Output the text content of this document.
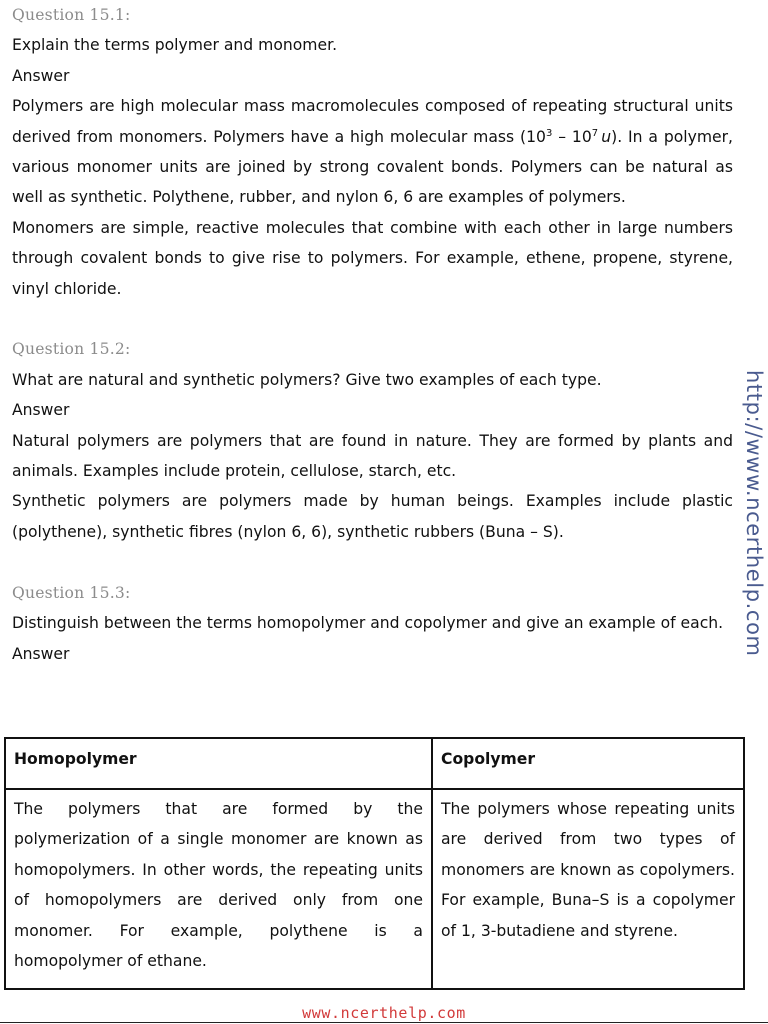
Question 15.1:

Explain the terms polymer and monomer.

Answer

Polymers are high molecular mass macromolecules composed of repeating structural units derived from monomers. Polymers have a high molecular mass ($10^3 - 10^7$  u). In a polymer, various monomer units are joined by strong covalent bonds. Polymers can be natural as well as synthetic. Polythene, rubber, and nylon 6, 6 are examples of polymers.

Monomers are simple, reactive molecules that combine with each other in large numbers through covalent bonds to give rise to polymers. For example, ethene, propene, styrene, vinyl chloride.

Question 15.2:

What are natural and synthetic polymers? Give two examples of each type.

Answer

Natural polymers are polymers that are found in nature. They are formed by plants and animals. Examples include protein, cellulose, starch, etc.

Synthetic polymers are polymers made by human beings. Examples include plastic (polythene), synthetic fibres (nylon 6, 6), synthetic rubbers (Buna – S).

Question 15.3:

Distinguish between the terms homopolymer and copolymer and give an example of each.

Answer

Homopolymer	Copolymer
The polymers that are formed by the polymerization of a single monomer are known as homopolymers. In other words, the repeating units of homopolymers are derived only from one monomer. For example, polythene is a homopolymer of ethane.	The polymers whose repeating units are derived from two types of monomers are known as copolymers. For example, Buna–S is a copolymer of 1, 3-butadiene and styrene.
http://www.ncerthelp.com
www.ncerthelp.com
